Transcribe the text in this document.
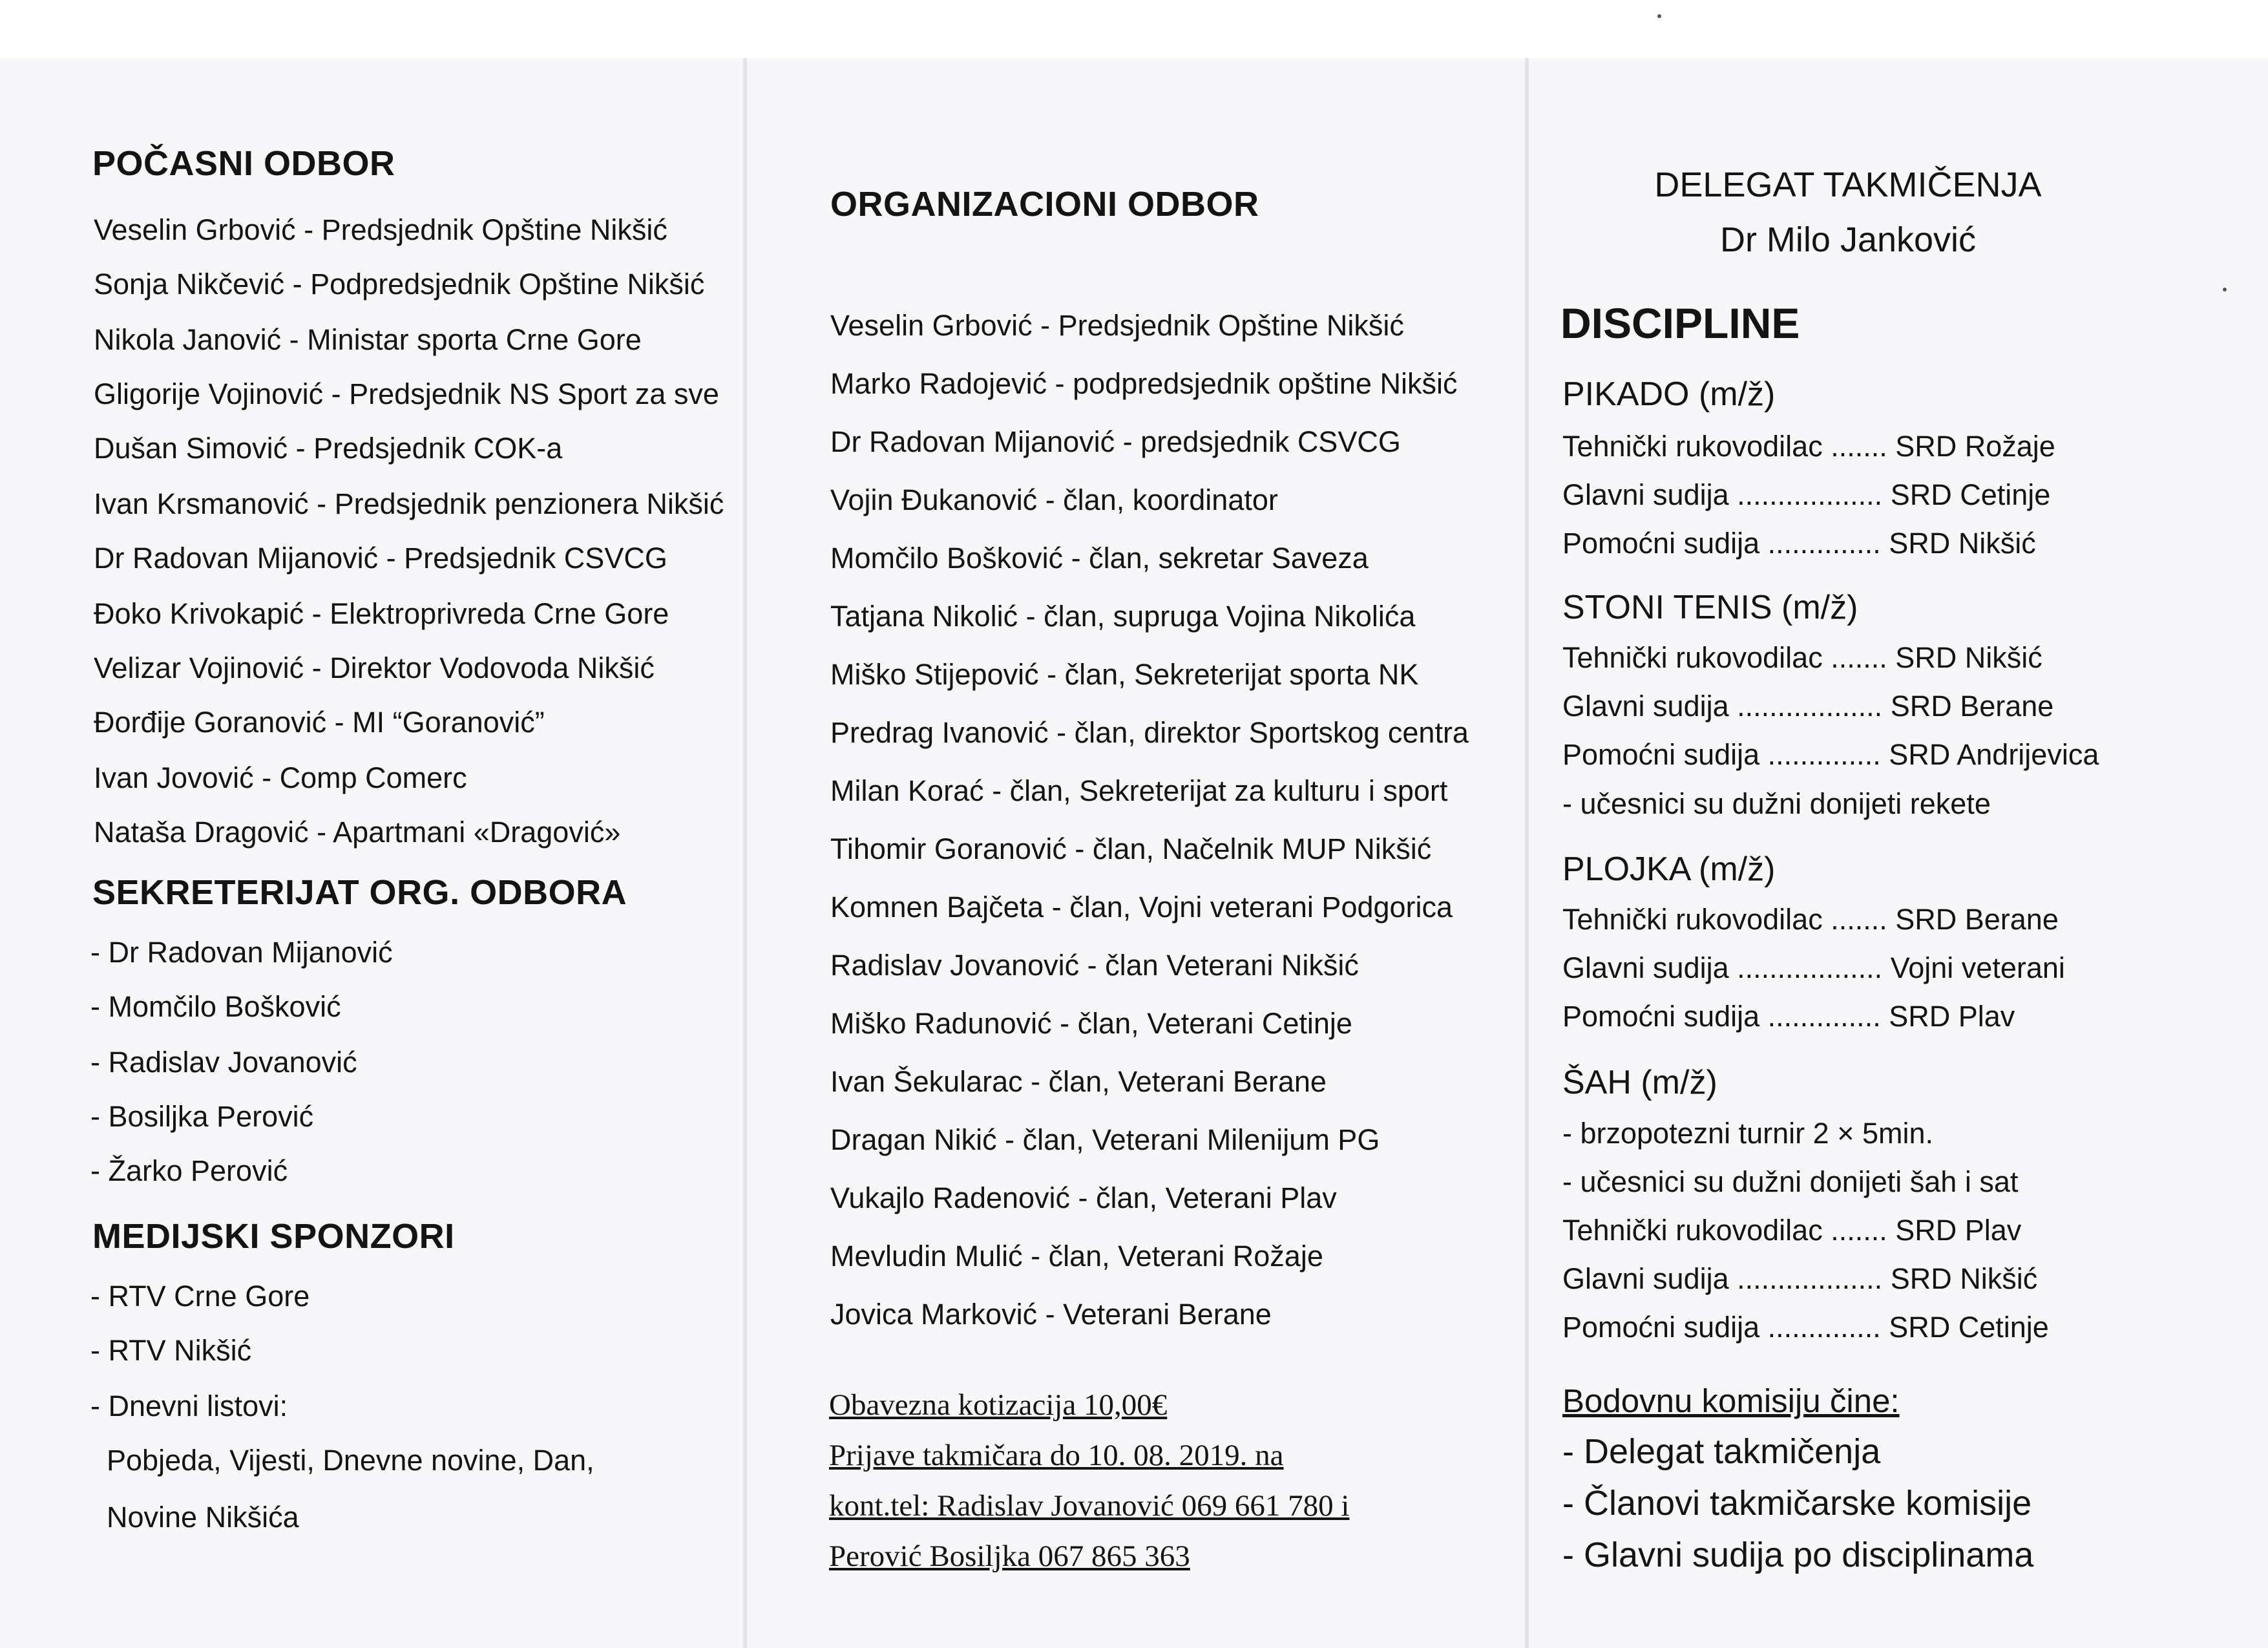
POČASNI ODBOR
Veselin Grbović - Predsjednik Opštine Nikšić
Sonja Nikčević - Podpredsjednik Opštine Nikšić
Nikola Janović - Ministar sporta Crne Gore
Gligorije Vojinović - Predsjednik NS Sport za sve
Dušan Simović - Predsjednik COK-a
Ivan Krsmanović - Predsjednik penzionera Nikšić
Dr Radovan Mijanović - Predsjednik CSVCG
Đoko Krivokapić - Elektroprivreda Crne Gore
Velizar Vojinović - Direktor Vodovoda Nikšić
Đorđije Goranović - MI “Goranović”
Ivan Jovović - Comp Comerc
Nataša Dragović - Apartmani «Dragović»
SEKRETERIJAT ORG. ODBORA
- Dr Radovan Mijanović
- Momčilo Bošković
- Radislav Jovanović
- Bosiljka Perović
- Žarko Perović
MEDIJSKI SPONZORI
- RTV Crne Gore
- RTV Nikšić
- Dnevni listovi:
Pobjeda, Vijesti, Dnevne novine, Dan,
Novine Nikšića
ORGANIZACIONI ODBOR
Veselin Grbović - Predsjednik Opštine Nikšić
Marko Radojević - podpredsjednik opštine Nikšić
Dr Radovan Mijanović - predsjednik CSVCG
Vojin Đukanović - član, koordinator
Momčilo Bošković - član, sekretar Saveza
Tatjana Nikolić - član, supruga Vojina Nikolića
Miško Stijepović - član, Sekreterijat sporta NK
Predrag Ivanović - član, direktor Sportskog centra
Milan Korać - član, Sekreterijat za kulturu i sport
Tihomir Goranović - član, Načelnik MUP Nikšić
Komnen Bajčeta - član, Vojni veterani Podgorica
Radislav Jovanović - član Veterani Nikšić
Miško Radunović - član, Veterani Cetinje
Ivan Šekularac - član, Veterani Berane
Dragan Nikić - član, Veterani Milenijum PG
Vukajlo Radenović - član, Veterani Plav
Mevludin Mulić - član, Veterani Rožaje
Jovica Marković - Veterani Berane
Obavezna kotizacija 10,00€
Prijave takmičara do 10. 08. 2019. na
kont.tel: Radislav Jovanović 069 661 780 i
Perović Bosiljka 067 865 363
DELEGAT TAKMIČENJA
Dr Milo Janković
DISCIPLINE
PIKADO (m/ž)
Tehnički rukovodilac ....... SRD Rožaje
Glavni sudija .................. SRD Cetinje
Pomoćni sudija .............. SRD Nikšić
STONI TENIS (m/ž)
Tehnički rukovodilac ....... SRD Nikšić
Glavni sudija .................. SRD Berane
Pomoćni sudija .............. SRD Andrijevica
- učesnici su dužni donijeti rekete
PLOJKA (m/ž)
Tehnički rukovodilac ....... SRD Berane
Glavni sudija .................. Vojni veterani
Pomoćni sudija .............. SRD Plav
ŠAH (m/ž)
- brzopotezni turnir 2 × 5min.
- učesnici su dužni donijeti šah i sat
Tehnički rukovodilac ....... SRD Plav
Glavni sudija .................. SRD Nikšić
Pomoćni sudija .............. SRD Cetinje
Bodovnu komisiju čine:
- Delegat takmičenja
- Članovi takmičarske komisije
- Glavni sudija po disciplinama
